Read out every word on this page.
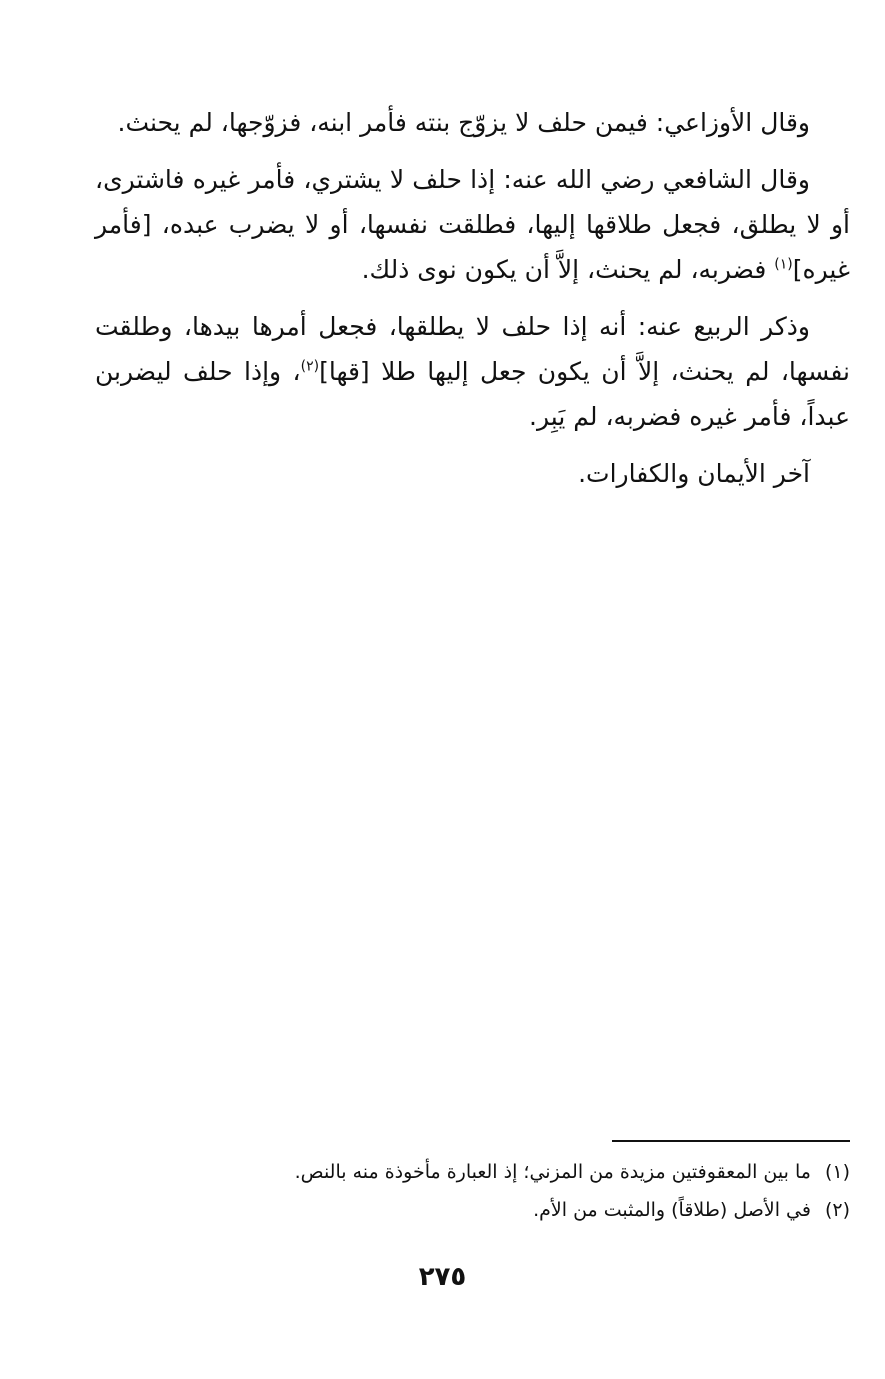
وقال الأوزاعي: فيمن حلف لا يزوّج بنته فأمر ابنه، فزوّجها، لم يحنث.

وقال الشافعي رضي الله عنه: إذا حلف لا يشتري، فأمر غيره فاشترى، أو لا يطلق، فجعل طلاقها إليها، فطلقت نفسها، أو لا يضرب عبده، [فأمر غيره]$^{(١)}$ فضربه، لم يحنث، إلاَّ أن يكون نوى ذلك.

وذكر الربيع عنه: أنه إذا حلف لا يطلقها، فجعل أمرها بيدها، وطلقت نفسها، لم يحنث، إلاَّ أن يكون جعل إليها طلا [قها]$^{(٢)}$، وإذا حلف ليضربن عبداً، فأمر غيره فضربه، لم يَبِر.

آخر الأيمان والكفارات.

(١)ما بين المعقوفتين مزيدة من المزني؛ إذ العبارة مأخوذة منه بالنص.
(٢)في الأصل (طلاقاً) والمثبت من الأم.
٢٧٥
